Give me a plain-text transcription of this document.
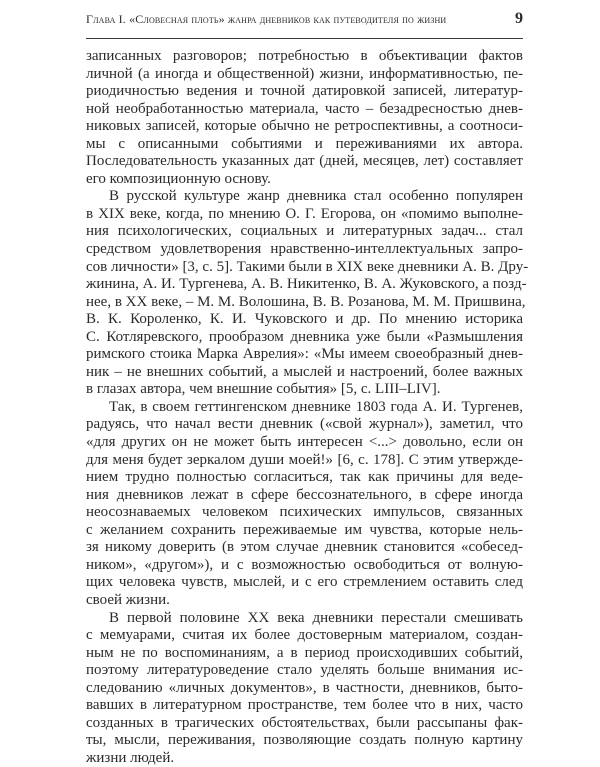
Глава I. «Словесная плоть» жанра дневников как путеводителя по жизни	9
записанных разговоров; потребностью в объективации фактов
личной (а иногда и общественной) жизни, информативностью, пе-
риодичностью ведения и точной датировкой записей, литератур-
ной необработанностью материала, часто – безадресностью днев-
никовых записей, которые обычно не ретроспективны, а соотноси-
мы с описанными событиями и переживаниями их автора.
Последовательность указанных дат (дней, месяцев, лет) составляет
его композиционную основу.
В русской культуре жанр дневника стал особенно популярен
в XIX веке, когда, по мнению О. Г. Егорова, он «помимо выполне-
ния психологических, социальных и литературных задач... стал
средством удовлетворения нравственно-интеллектуальных запро-
сов личности» [3, с. 5]. Такими были в XIX веке дневники А. В. Дру-
жинина, А. И. Тургенева, А. В. Никитенко, В. А. Жуковского, а позд-
нее, в XX веке, – М. М. Волошина, В. В. Розанова, М. М. Пришвина,
В. К. Короленко, К. И. Чуковского и др. По мнению историка
С. Котляревского, прообразом дневника уже были «Размышления
римского стоика Марка Аврелия»: «Мы имеем своеобразный днев-
ник – не внешних событий, а мыслей и настроений, более важных
в глазах автора, чем внешние события» [5, с. LIII–LIV].
Так, в своем геттингенском дневнике 1803 года А. И. Тургенев,
радуясь, что начал вести дневник («свой журнал»), заметил, что
«для других он не может быть интересен <...> довольно, если он
для меня будет зеркалом души моей!» [6, с. 178]. С этим утвержде-
нием трудно полностью согласиться, так как причины для веде-
ния дневников лежат в сфере бессознательного, в сфере иногда
неосознаваемых человеком психических импульсов, связанных
с желанием сохранить переживаемые им чувства, которые нель-
зя никому доверить (в этом случае дневник становится «собесед-
ником», «другом»), и с возможностью освободиться от волную-
щих человека чувств, мыслей, и с его стремлением оставить след
своей жизни.
В первой половине XX века дневники перестали смешивать
с мемуарами, считая их более достоверным материалом, создан-
ным не по воспоминаниям, а в период происходивших событий,
поэтому литературоведение стало уделять больше внимания ис-
следованию «личных документов», в частности, дневников, быто-
вавших в литературном пространстве, тем более что в них, часто
созданных в трагических обстоятельствах, были рассыпаны фак-
ты, мысли, переживания, позволяющие создать полную картину
жизни людей.
